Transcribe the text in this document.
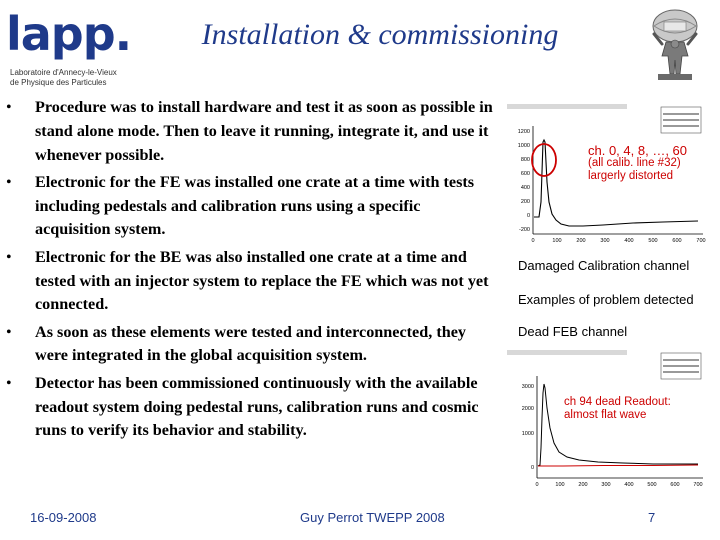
lapp.
Laboratoire d'Annecy-le-Vieux de Physique des Particules
Installation & commissioning
• Procedure was to install hardware and test it as soon as possible in stand alone mode. Then to leave it running, integrate it, and use it whenever possible.
• Electronic for the FE was installed one crate at a time with tests including pedestals and calibration runs using a specific acquisition system.
• Electronic for the BE was also installed one crate at a time and tested with an injector system to replace the FE which was not yet connected.
• As soon as these elements were tested and interconnected, they were integrated in the global acquisition system.
• Detector has been commissioned continuously with the available readout system doing pedestal runs, calibration runs and cosmic runs to verify its behavior and stability.
1200
1000
800
600
400
200
0
-200
0	100	200	300	400	500	600	700
ch. 0, 4, 8, …, 60
(all calib. line #32)
largerly distorted
Damaged Calibration channel
Examples of problem detected
Dead FEB channel
3000
2000
1000
0
0	100	200	300	400	500	600	700
ch 94 dead Readout:
almost flat wave
16-09-2008	Guy Perrot TWEPP 2008	7
